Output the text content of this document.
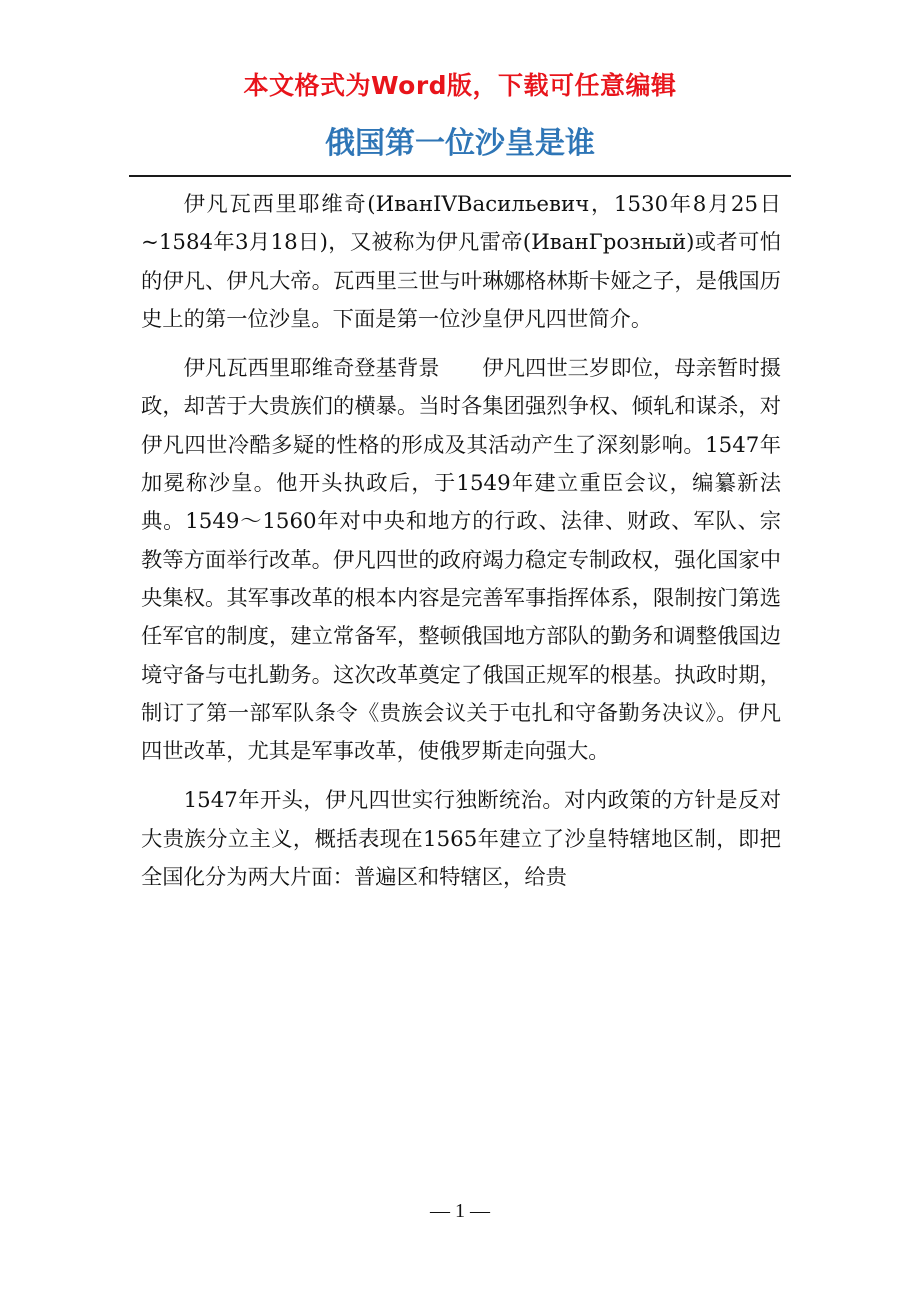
本文格式为Word版，下载可任意编辑
俄国第一位沙皇是谁

伊凡瓦西里耶维奇(ИванIVВасильевич，1530年8月25日~1584年3月18日)，又被称为伊凡雷帝(ИванГрозный)或者可怕的伊凡、伊凡大帝。瓦西里三世与叶琳娜格林斯卡娅之子，是俄国历史上的第一位沙皇。下面是第一位沙皇伊凡四世简介。

伊凡瓦西里耶维奇登基背景　　伊凡四世三岁即位，母亲暂时摄政，却苦于大贵族们的横暴。当时各集团强烈争权、倾轧和谋杀，对伊凡四世冷酷多疑的性格的形成及其活动产生了深刻影响。1547年加冕称沙皇。他开头执政后，于1549年建立重臣会议，编纂新法典。1549～1560年对中央和地方的行政、法律、财政、军队、宗教等方面举行改革。伊凡四世的政府竭力稳定专制政权，强化国家中央集权。其军事改革的根本内容是完善军事指挥体系，限制按门第选任军官的制度，建立常备军，整顿俄国地方部队的勤务和调整俄国边境守备与屯扎勤务。这次改革奠定了俄国正规军的根基。执政时期，制订了第一部军队条令《贵族会议关于屯扎和守备勤务决议》。伊凡四世改革，尤其是军事改革，使俄罗斯走向强大。

1547年开头，伊凡四世实行独断统治。对内政策的方针是反对大贵族分立主义，概括表现在1565年建立了沙皇特辖地区制，即把全国化分为两大片面：普遍区和特辖区，给贵

— 1 —
